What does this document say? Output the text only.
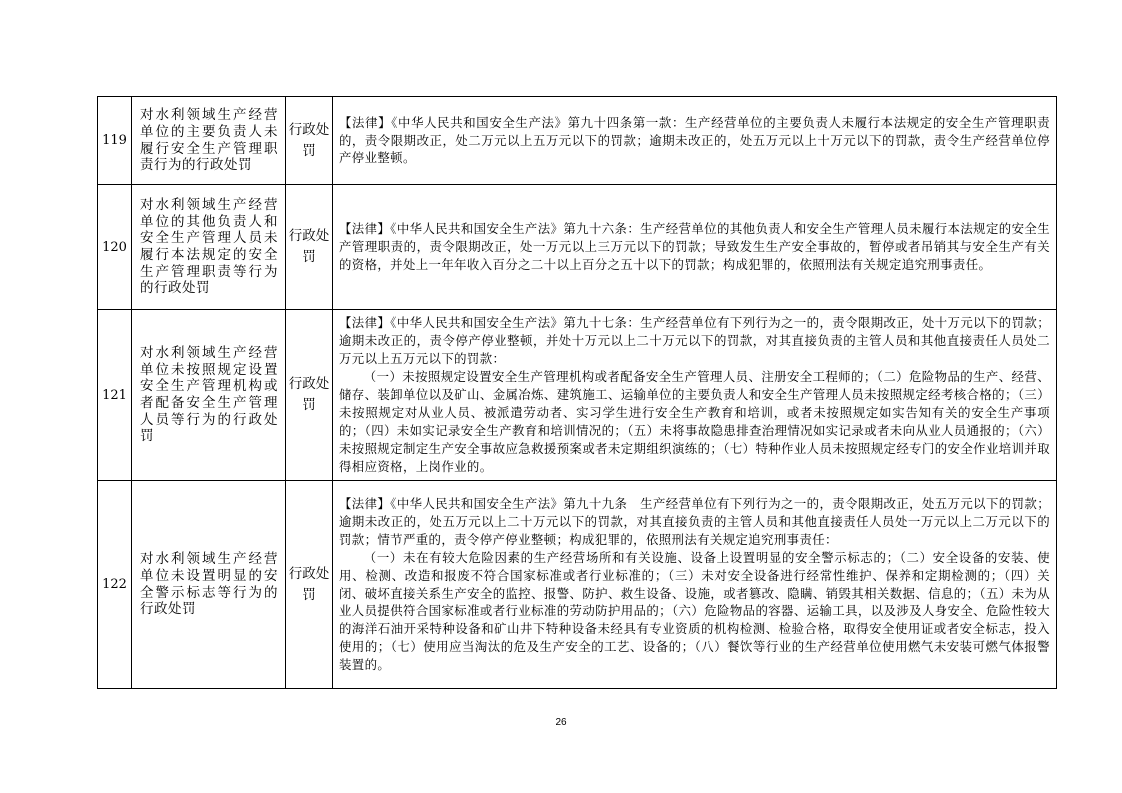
119	对水利领域生产经营单位的主要负责人未履行安全生产管理职责行为的行政处罚	行政处罚	【法律】《中华人民共和国安全生产法》第九十四条第一款：生产经营单位的主要负责人未履行本法规定的安全生产管理职责的，责令限期改正，处二万元以上五万元以下的罚款；逾期未改正的，处五万元以上十万元以下的罚款，责令生产经营单位停产停业整顿。

120	对水利领域生产经营单位的其他负责人和安全生产管理人员未履行本法规定的安全生产管理职责等行为的行政处罚	行政处罚	【法律】《中华人民共和国安全生产法》第九十六条：生产经营单位的其他负责人和安全生产管理人员未履行本法规定的安全生产管理职责的，责令限期改正，处一万元以上三万元以下的罚款；导致发生生产安全事故的，暂停或者吊销其与安全生产有关的资格，并处上一年年收入百分之二十以上百分之五十以下的罚款；构成犯罪的，依照刑法有关规定追究刑事责任。

121	对水利领域生产经营单位未按照规定设置安全生产管理机构或者配备安全生产管理人员等行为的行政处罚	行政处罚	【法律】《中华人民共和国安全生产法》第九十七条：生产经营单位有下列行为之一的，责令限期改正，处十万元以下的罚款；逾期未改正的，责令停产停业整顿，并处十万元以上二十万元以下的罚款，对其直接负责的主管人员和其他直接责任人员处二万元以上五万元以下的罚款：

（一）未按照规定设置安全生产管理机构或者配备安全生产管理人员、注册安全工程师的；（二）危险物品的生产、经营、储存、装卸单位以及矿山、金属冶炼、建筑施工、运输单位的主要负责人和安全生产管理人员未按照规定经考核合格的；（三）未按照规定对从业人员、被派遣劳动者、实习学生进行安全生产教育和培训，或者未按照规定如实告知有关的安全生产事项的；（四）未如实记录安全生产教育和培训情况的；（五）未将事故隐患排查治理情况如实记录或者未向从业人员通报的；（六）未按照规定制定生产安全事故应急救援预案或者未定期组织演练的；（七）特种作业人员未按照规定经专门的安全作业培训并取得相应资格，上岗作业的。

122	对水利领域生产经营单位未设置明显的安全警示标志等行为的行政处罚	行政处罚	【法律】《中华人民共和国安全生产法》第九十九条　生产经营单位有下列行为之一的，责令限期改正，处五万元以下的罚款；逾期未改正的，处五万元以上二十万元以下的罚款，对其直接负责的主管人员和其他直接责任人员处一万元以上二万元以下的罚款；情节严重的，责令停产停业整顿；构成犯罪的，依照刑法有关规定追究刑事责任：

（一）未在有较大危险因素的生产经营场所和有关设施、设备上设置明显的安全警示标志的；（二）安全设备的安装、使用、检测、改造和报废不符合国家标准或者行业标准的；（三）未对安全设备进行经常性维护、保养和定期检测的；（四）关闭、破坏直接关系生产安全的监控、报警、防护、救生设备、设施，或者篡改、隐瞒、销毁其相关数据、信息的；（五）未为从业人员提供符合国家标准或者行业标准的劳动防护用品的；（六）危险物品的容器、运输工具，以及涉及人身安全、危险性较大的海洋石油开采特种设备和矿山井下特种设备未经具有专业资质的机构检测、检验合格，取得安全使用证或者安全标志，投入使用的；（七）使用应当淘汰的危及生产安全的工艺、设备的；（八）餐饮等行业的生产经营单位使用燃气未安装可燃气体报警装置的。

26
